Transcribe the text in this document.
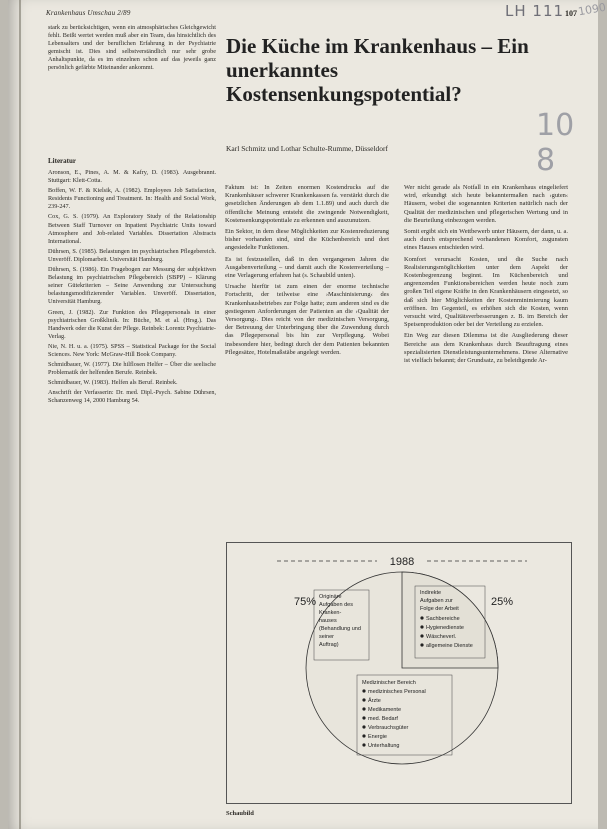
Krankenhaus Umschau 2/89	107
LH 111 1090
10 8
stark zu berücksichtigen, wenn ein atmosphärisches Gleichgewicht fehlt. Beißt wertet werden muß aber ein Team, das hinsichtlich des Lebensalters und der beruflichen Erfahrung in der Psychiatrie gemischt ist. Dies sind selbstverständlich nur sehr grobe Anhaltspunkte, da es im einzelnen schon auf das jeweils ganz persönlich gefärbte Miteinander ankommt.
Literatur

Aronson, E., Pines, A. M. & Kafry, D. (1983). Ausgebrannt. Stuttgart: Klett-Cotta.

Boffen, W. F. & Kielsik, A. (1982). Employees Job Satisfaction, Residents Functioning and Treatment. In: Health and Social Work, 239-247.

Cox, G. S. (1979). An Exploratory Study of the Relationship Between Staff Turnover on Inpatient Psychiatric Units toward Atmosphere and Job-related Variables. Dissertation Abstracts International.

Dührsen, S. (1985). Belastungen im psychiatrischen Pflegebereich. Unveröff. Diplomarbeit. Universität Hamburg.

Dührsen, S. (1986). Ein Fragebogen zur Messung der subjektiven Belastung im psychiatrischen Pflegebereich (SBPP) – Klärung seiner Gütekriterien – Seine Anwendung zur Untersuchung belastungsmodifizierender Variablen. Unveröff. Dissertation, Universität Hamburg.

Green, J. (1982). Zur Funktion des Pflegepersonals in einer psychiatrischen Großklinik. In: Büche, M. et al. (Hrsg.). Das Handwerk oder die Kunst der Pflege. Reinbek: Lorentz Psychiatrie-Verlag.

Nie, N. H. u. a. (1975). SPSS – Statistical Package for the Social Sciences. New York: McGraw-Hill Book Company.

Schmidbauer, W. (1977). Die hilflosen Helfer – Über die seelische Problematik der helfenden Berufe. Reinbek.

Schmidbauer, W. (1983). Helfen als Beruf. Reinbek.

Anschrift der Verfasserin: Dr. med. Dipl.-Psych. Sabine Dührsen, Schanzenweg 14, 2000 Hamburg 54.

Die Küche im Krankenhaus – Ein unerkanntes Kostensenkungspotential?
Karl Schmitz und Lothar Schulte-Rumme, Düsseldorf

Faktum ist: In Zeiten enormen Kostendrucks auf die Krankenhäuser schwerer Krankenkassen fa. verstärkt durch die gesetzlichen Änderungen ab dem 1.1.89) und auch durch die öffentliche Meinung entsteht die zwingende Notwendigkeit, Kostensenkungspotentiale zu erkennen und auszunutzen.

Ein Sektor, in dem diese Möglichkeiten zur Kostenreduzierung bisher vorhanden sind, sind die Küchenbereich und dort angesiedelte Funktionen.

Es ist festzustellen, daß in den vergangenen Jahren die Ausgabenverteilung – und damit auch die Kostenverteilung – eine Verlagerung erfahren hat (s. Schaubild unten).

Ursache hierfür ist zum einen der enorme technische Fortschritt, der teilweise eine ›Maschinisierung‹ des Krankenhausbetriebes zur Folge hatte; zum anderen sind es die gestiegenen Anforderungen der Patienten an die ›Qualität der Versorgung‹. Dies reicht von der medizinischen Versorgung, der Betreuung der Unterbringung über die Zuwendung durch das Pflegepersonal bis hin zur Verpflegung. Wobei insbesondere hier, bedingt durch der dem Patienten bekannten Pflegesätze, Hotelmaßstäbe angelegt werden.

Wer nicht gerade als Notfall in ein Krankenhaus eingeliefert wird, erkundigt sich heute bekanntermaßen nach ›guten‹ Häusern, wobei die sogenannten Kriterien natürlich nach der Qualität der medizinischen und pflegerischen Wertung und in die Beurteilung einbezogen werden.

Somit ergibt sich ein Wettbewerb unter Häusern, der dann, u. a. auch durch entsprechend vorhandenen Komfort, zugunsten eines Hauses entschieden wird.

Komfort verursacht Kosten, und die Suche nach Realisierungsmöglichkeiten unter dem Aspekt der Kostenbegrenzung beginnt. Im Küchenbereich und angrenzenden Funktionsbereichen werden heute noch zum großen Teil eigene Kräfte in den Krankenhäusern eingesetzt, so daß sich hier Möglichkeiten der Kostenminimierung kaum eröffnen. Im Gegenteil, es erhöhen sich die Kosten, wenn versucht wird, Qualitätsverbesserungen z. B. im Bereich der Speisenproduktion oder bei der Verteilung zu erzielen.

Ein Weg zur diesen Dilemma ist die Ausgliederung dieser Bereiche aus dem Krankenhaus durch Beauftragung eines spezialisierten Dienstleistungsunternehmens. Diese Alternative ist vielfach bekannt; der Grundsatz, zu beleidigende Ar-

1988
75%	25%
Originäre
Aufgaben des
Kranken-
hauses
(Behandlung und
seiner
Auftrag)
Indirekte
Aufgaben zur
Folge der Arbeit
Sachbereiche
Hygienedienste
Wäscheverl.
allgemeine Dienste
Medizinischer Bereich
medizinisches Personal
Ärzte
Medikamente
med. Bedarf
Verbrauchsgüter
Energie
Unterhaltung
Schaubild
